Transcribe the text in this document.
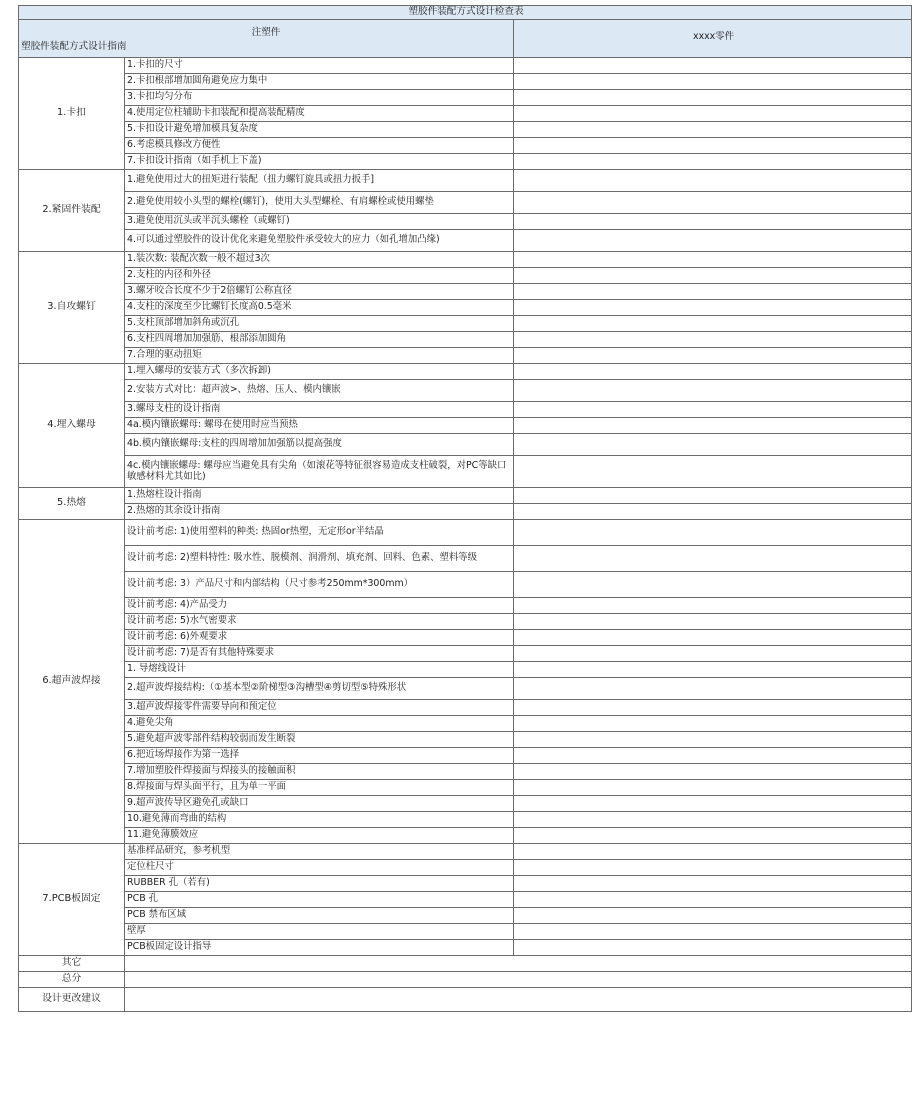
塑胶件装配方式设计检查表		

注塑件
塑胶件装配方式设计指南		xxxx零件
1.卡扣	1.卡扣的尺寸	
	2.卡扣根部增加圆角避免应力集中	
	3.卡扣均匀分布	
	4.使用定位柱辅助卡扣装配和提高装配精度	
	5.卡扣设计避免增加模具复杂度	
	6.考虑模具修改方便性	
	7.卡扣设计指南（如手机上下盖)	
2.紧固件装配	1.避免使用过大的扭矩进行装配（扭力螺钉旋具或扭力扳手]	
	2.避免使用较小头型的螺栓(螺钉)，使用大头型螺栓、有肩螺栓或使用螺垫	
	3.避免使用沉头或半沉头螺栓（或螺钉)	
	4.可以通过塑胶件的设计优化来避免塑胶件承受较大的应力（如孔增加凸缘)	
3.自攻螺钉	1.装次数: 装配次数一般不超过3次	
	2.支柱的内径和外径	
	3.螺牙咬合长度不少于2倍螺钉公称直径	
	4.支柱的深度至少比螺钉长度高0.5毫米	
	5.支柱顶部增加斜角或沉孔	
	6.支柱四周增加加强筋、根部添加圆角	
	7.合理的驱动扭矩	
4.埋入螺母	1.埋入螺母的安装方式（多次拆卸)	
	2.安装方式对比：超声波>、热熔、压人、模内镶嵌	
	3.螺母支柱的设计指南	
	4a.模内镶嵌螺母: 螺母在使用时应当预热	
	4b.模内镶嵌螺母:支柱的四周增加加强筋以提高强度	
	4c.模内镶嵌螺母: 螺母应当避免具有尖角（如滚花等特征很容易造成支柱破裂，对PC等缺口敏感材料尤其如比)	
5.热熔	1.热熔柱设计指南	
	2.热熔的其余设计指南	
6.超声波焊接	设计前考虑: 1)使用塑料的种类: 热固or热塑，无定形or半结晶	
	设计前考虑: 2)塑料特性: 吸水性、脱模剂、润滑剂、填充剂、回料、色素、塑料等级	
	设计前考虑: 3）产品尺寸和内部结构（尺寸参考250mm*300mm）	
	设计前考虑: 4)产品受力	
	设计前考虑: 5)水气密要求	
	设计前考虑: 6)外观要求	
	设计前考虑: 7)是否有其他特殊要求	
	1. 导熔线设计	
	2.超声波焊接结构:（①基本型②阶梯型③沟槽型④剪切型⑤特殊形状	
	3.超声波焊接零件需要导向和预定位	
	4.避免尖角	
	5.避免超声波零部件结构较弱而发生断裂	
	6.把近场焊接作为第一选择	
	7.增加塑胶件焊接面与焊接头的接触面积	
	8.焊接面与焊头面平行，且为单一平面	
	9.超声波传导区避免孔或缺口	
	10.避免薄而弯曲的结构	
	11.避免薄膜效应	
7.PCB板固定	基准样品研究，参考机型	
	定位柱尺寸	
	RUBBER 孔（若有)	
	PCB 孔	
	PCB 禁布区域	
	壁厚	
	PCB板固定设计指导	
其它		
总分		
设计更改建议		
